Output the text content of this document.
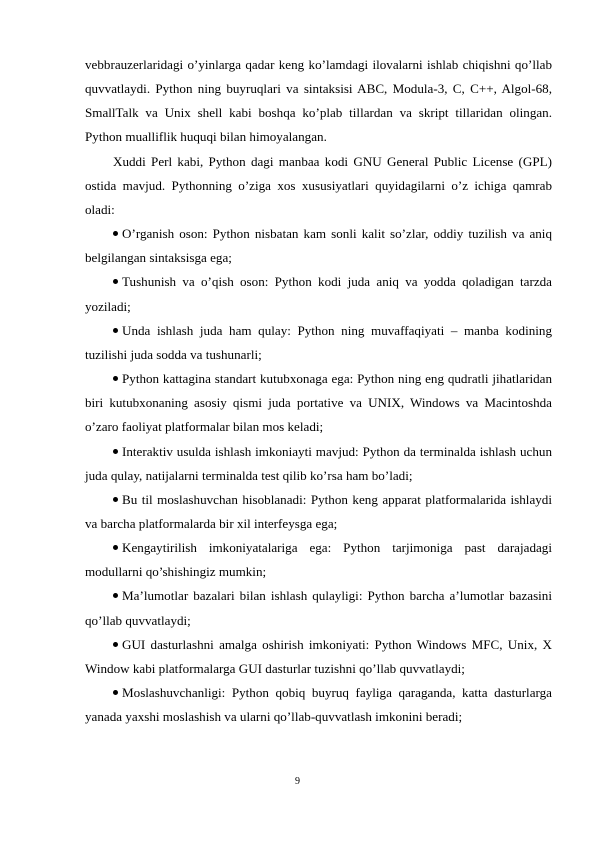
vebbrauzerlaridagi o’yinlarga qadar keng ko’lamdagi ilovalarni ishlab chiqishni qo’llab quvvatlaydi. Python ning buyruqlari va sintaksisi ABC, Modula-3, C, C++, Algol-68, SmallTalk va Unix shell kabi boshqa ko’plab tillardan va skript tillaridan olingan. Python mualliflik huquqi bilan himoyalangan.

Xuddi Perl kabi, Python dagi manbaa kodi GNU General Public License (GPL) ostida mavjud. Pythonning o’ziga xos xususiyatlari quyidagilarni o’z ichiga qamrab oladi:

O’rganish oson: Python nisbatan kam sonli kalit so’zlar, oddiy tuzilish va aniq belgilangan sintaksisga ega;

Tushunish va o’qish oson: Python kodi juda aniq va yodda qoladigan tarzda yoziladi;

Unda ishlash juda ham qulay: Python ning muvaffaqiyati – manba kodining tuzilishi juda sodda va tushunarli;

Python kattagina standart kutubxonaga ega: Python ning eng qudratli jihatlaridan biri kutubxonaning asosiy qismi juda portative va UNIX, Windows va Macintoshda o’zaro faoliyat platformalar bilan mos keladi;

Interaktiv usulda ishlash imkoniayti mavjud: Python da terminalda ishlash uchun juda qulay, natijalarni terminalda test qilib ko’rsa ham bo’ladi;

Bu til moslashuvchan hisoblanadi: Python keng apparat platformalarida ishlaydi va barcha platformalarda bir xil interfeysga ega;

Kengaytirilish imkoniyatalariga ega: Python tarjimoniga past darajadagi modullarni qo’shishingiz mumkin;

Ma’lumotlar bazalari bilan ishlash qulayligi: Python barcha a’lumotlar bazasini qo’llab quvvatlaydi;

GUI dasturlashni amalga oshirish imkoniyati: Python Windows MFC, Unix, X Window kabi platformalarga GUI dasturlar tuzishni qo’llab quvvatlaydi;

Moslashuvchanligi: Python qobiq buyruq fayliga qaraganda, katta dasturlarga yanada yaxshi moslashish va ularni qo’llab-quvvatlash imkonini beradi;

9
